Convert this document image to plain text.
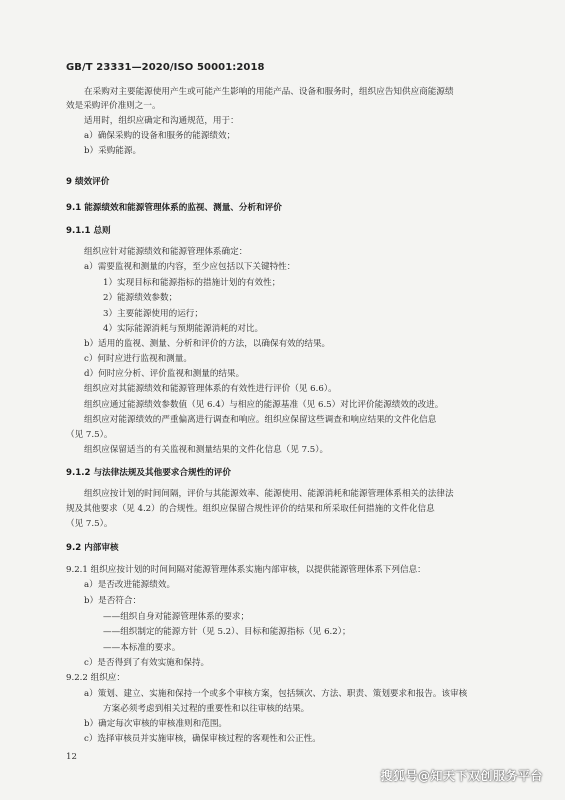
GB/T 23331—2020/ISO 50001:2018
在采购对主要能源使用产生或可能产生影响的用能产品、设备和服务时，组织应告知供应商能源绩
效是采购评价准则之一。
适用时，组织应确定和沟通规范，用于：
a）确保采购的设备和服务的能源绩效；
b）采购能源。
9 绩效评价
9.1 能源绩效和能源管理体系的监视、测量、分析和评价
9.1.1 总则
组织应针对能源绩效和能源管理体系确定：
a）需要监视和测量的内容，至少应包括以下关键特性：
1）实现目标和能源指标的措施计划的有效性；
2）能源绩效参数；
3）主要能源使用的运行；
4）实际能源消耗与预期能源消耗的对比。
b）适用的监视、测量、分析和评价的方法，以确保有效的结果。
c）何时应进行监视和测量。
d）何时应分析、评价监视和测量的结果。
组织应对其能源绩效和能源管理体系的有效性进行评价（见 6.6）。
组织应通过能源绩效参数值（见 6.4）与相应的能源基准（见 6.5）对比评价能源绩效的改进。
组织应对能源绩效的严重偏离进行调查和响应。组织应保留这些调查和响应结果的文件化信息
（见 7.5）。
组织应保留适当的有关监视和测量结果的文件化信息（见 7.5）。
9.1.2 与法律法规及其他要求合规性的评价
组织应按计划的时间间隔，评价与其能源效率、能源使用、能源消耗和能源管理体系相关的法律法
规及其他要求（见 4.2）的合规性。组织应保留合规性评价的结果和所采取任何措施的文件化信息
（见 7.5）。
9.2 内部审核
9.2.1 组织应按计划的时间间隔对能源管理体系实施内部审核，以提供能源管理体系下列信息：
a）是否改进能源绩效。
b）是否符合：
——组织自身对能源管理体系的要求；
——组织制定的能源方针（见 5.2）、目标和能源指标（见 6.2）；
——本标准的要求。
c）是否得到了有效实施和保持。
9.2.2 组织应：
a）策划、建立、实施和保持一个或多个审核方案，包括频次、方法、职责、策划要求和报告。该审核
方案必须考虑到相关过程的重要性和以往审核的结果。
b）确定每次审核的审核准则和范围。
c）选择审核员并实施审核，确保审核过程的客观性和公正性。
12
搜狐号@知天下双创服务平台
